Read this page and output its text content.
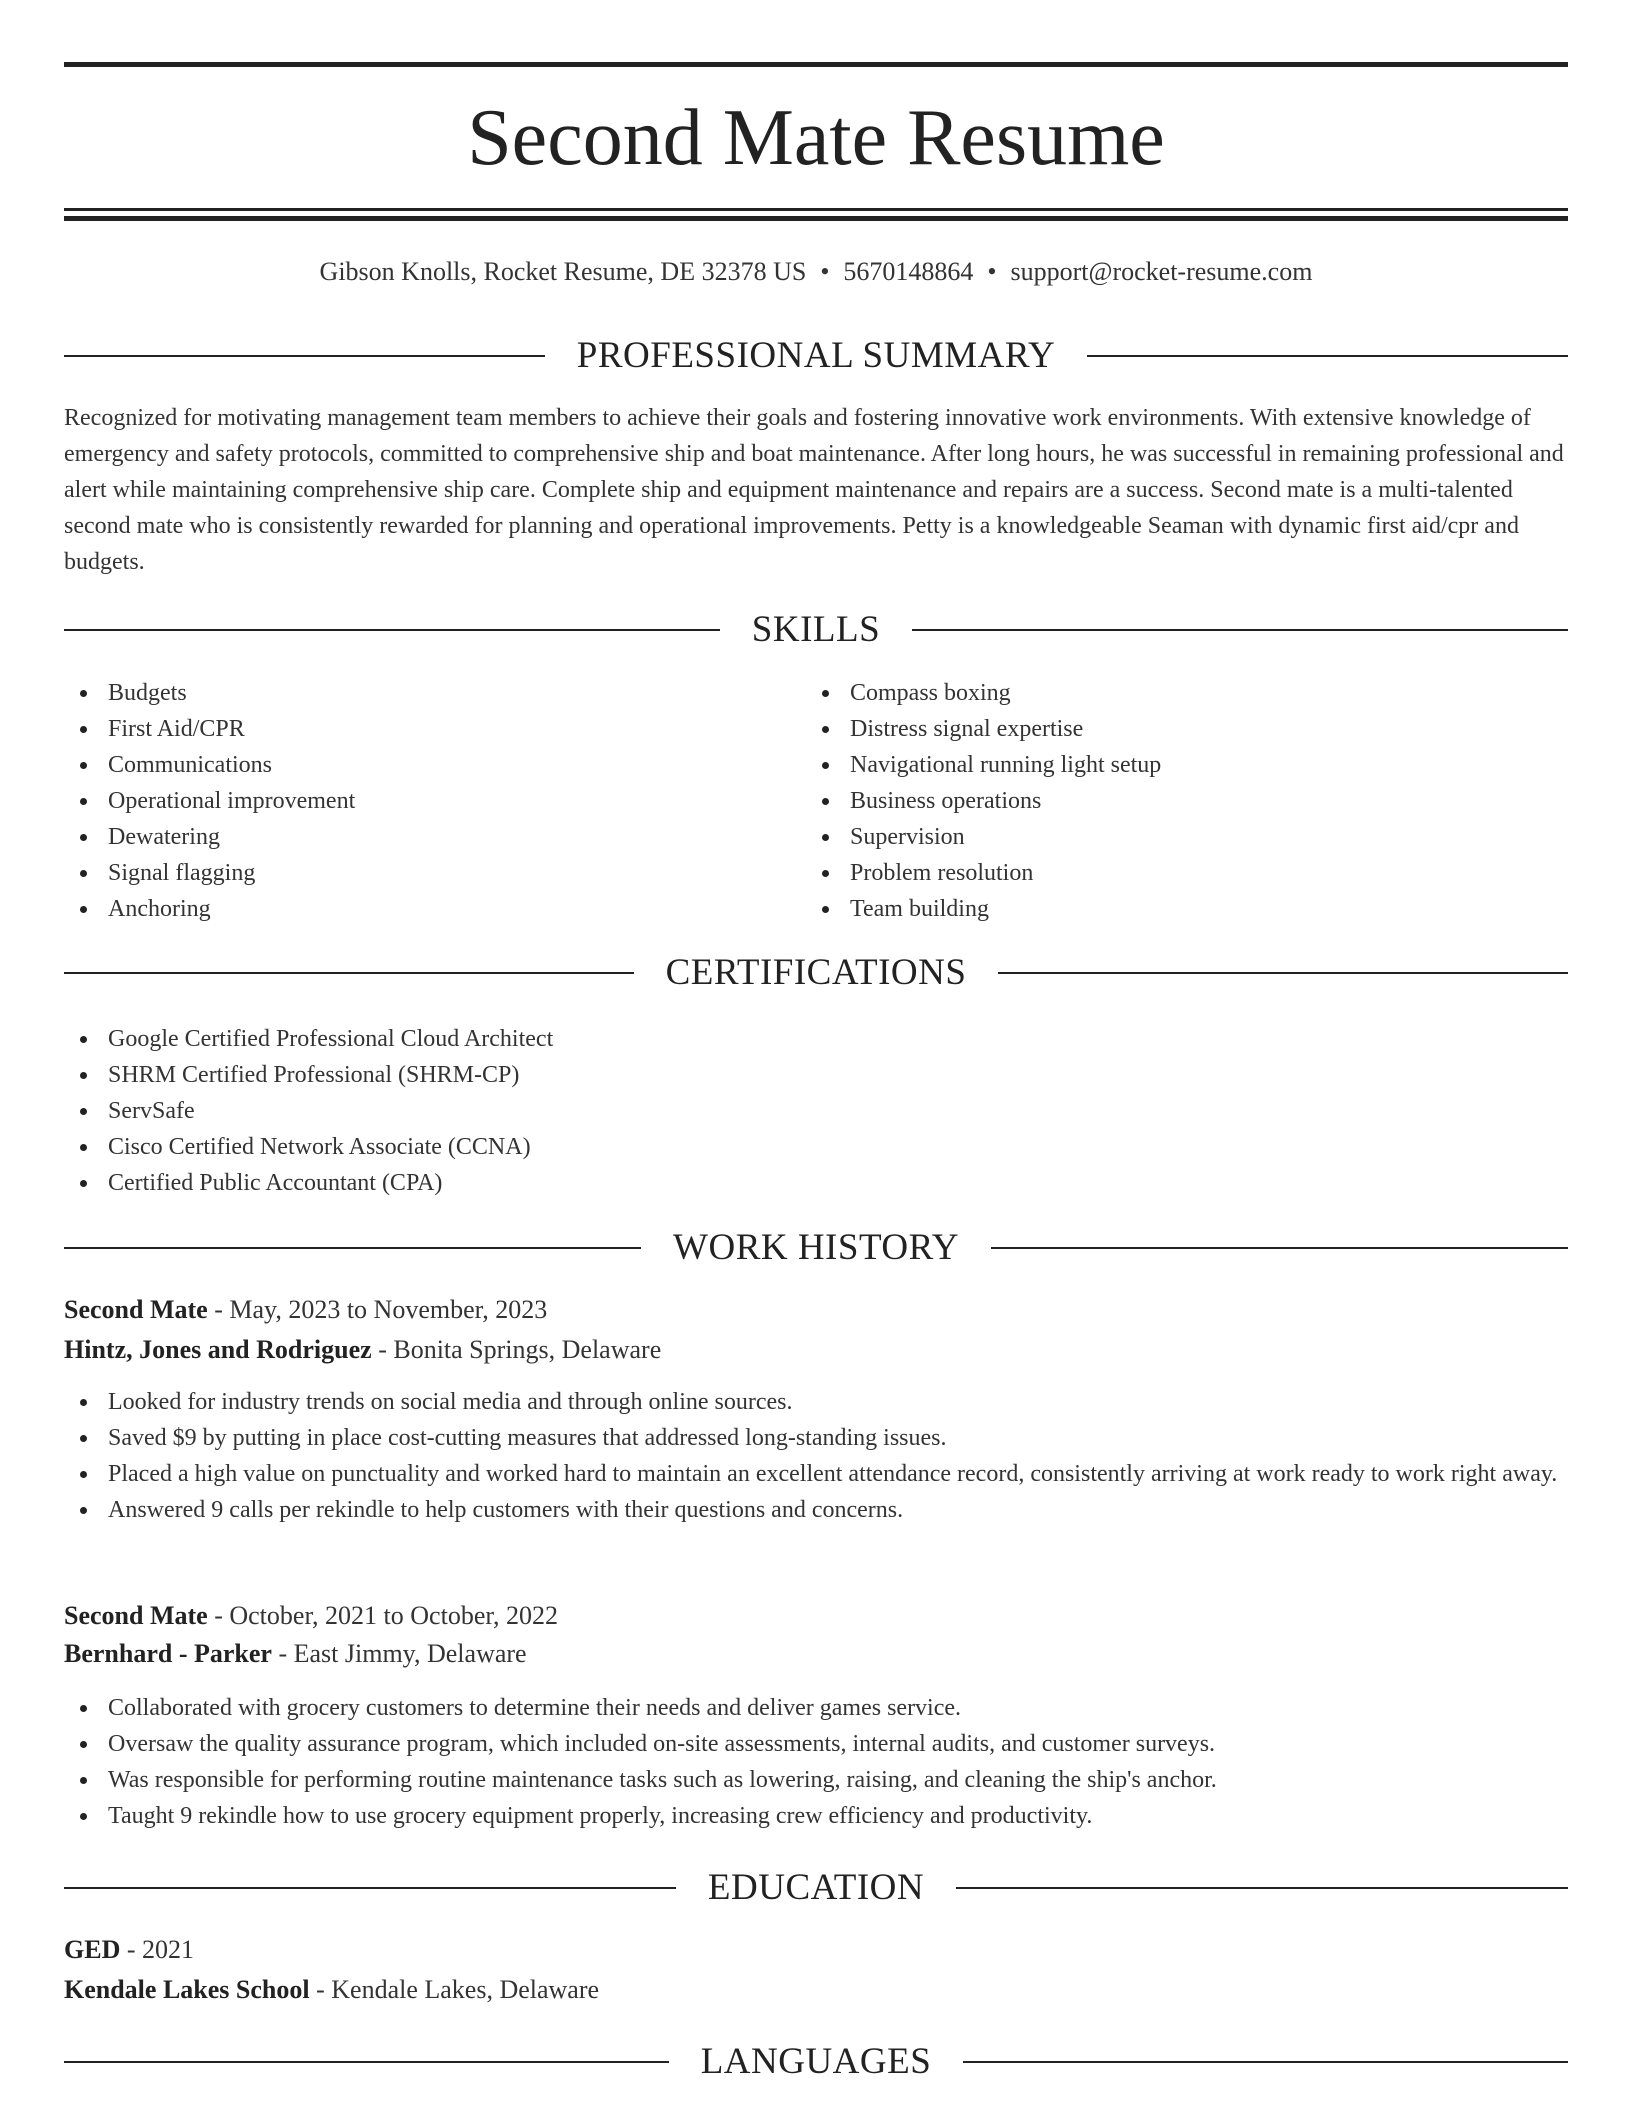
Second Mate Resume
Gibson Knolls, Rocket Resume, DE 32378 US • 5670148864 • support@rocket-resume.com
PROFESSIONAL SUMMARY

Recognized for motivating management team members to achieve their goals and fostering innovative work environments. With extensive knowledge of emergency and safety protocols, committed to comprehensive ship and boat maintenance. After long hours, he was successful in remaining professional and alert while maintaining comprehensive ship care. Complete ship and equipment maintenance and repairs are a success. Second mate is a multi-talented second mate who is consistently rewarded for planning and operational improvements. Petty is a knowledgeable Seaman with dynamic first aid/cpr and budgets.

SKILLS
Budgets
First Aid/CPR
Communications
Operational improvement
Dewatering
Signal flagging
Anchoring
Compass boxing
Distress signal expertise
Navigational running light setup
Business operations
Supervision
Problem resolution
Team building
CERTIFICATIONS
Google Certified Professional Cloud Architect
SHRM Certified Professional (SHRM-CP)
ServSafe
Cisco Certified Network Associate (CCNA)
Certified Public Accountant (CPA)
WORK HISTORY
Second Mate - May, 2023 to November, 2023
Hintz, Jones and Rodriguez - Bonita Springs, Delaware
Looked for industry trends on social media and through online sources.
Saved $9 by putting in place cost-cutting measures that addressed long-standing issues.
Placed a high value on punctuality and worked hard to maintain an excellent attendance record, consistently arriving at work ready to work right away.
Answered 9 calls per rekindle to help customers with their questions and concerns.
Second Mate - October, 2021 to October, 2022
Bernhard - Parker - East Jimmy, Delaware
Collaborated with grocery customers to determine their needs and deliver games service.
Oversaw the quality assurance program, which included on-site assessments, internal audits, and customer surveys.
Was responsible for performing routine maintenance tasks such as lowering, raising, and cleaning the ship's anchor.
Taught 9 rekindle how to use grocery equipment properly, increasing crew efficiency and productivity.
EDUCATION
GED - 2021
Kendale Lakes School - Kendale Lakes, Delaware
LANGUAGES
